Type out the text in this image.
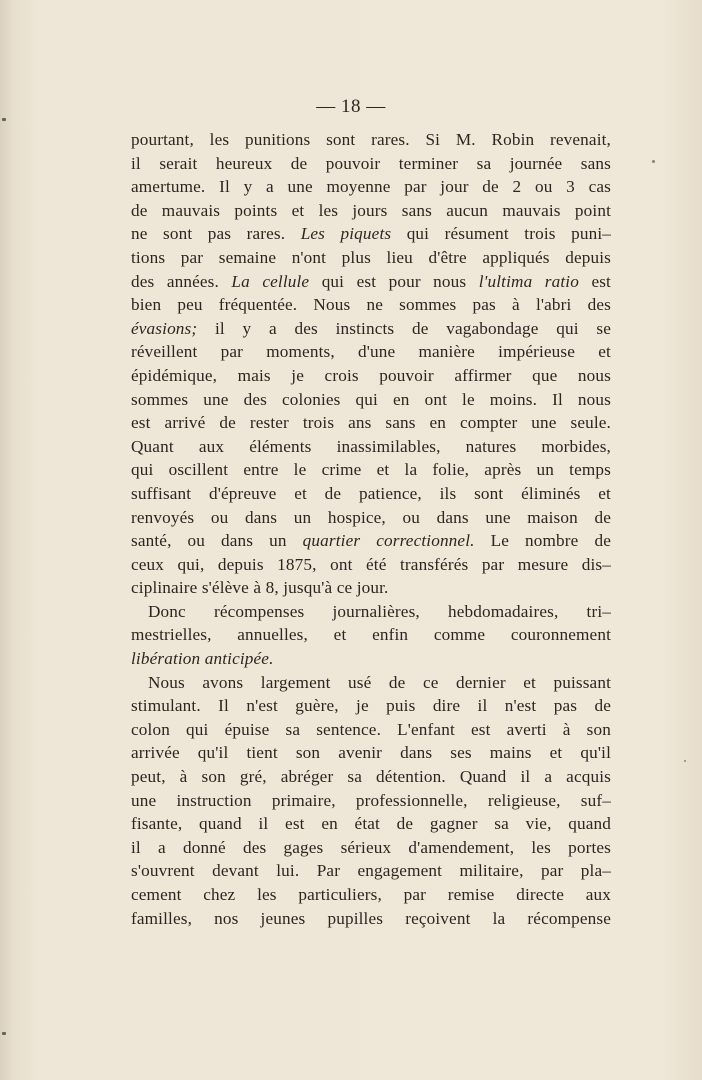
— 18 —
pourtant, les punitions sont rares. Si M. Robin revenait,
il serait heureux de pouvoir terminer sa journée sans
amertume. Il y a une moyenne par jour de 2 ou 3 cas
de mauvais points et les jours sans aucun mauvais point
ne sont pas rares. Les piquets qui résument trois puni–
tions par semaine n'ont plus lieu d'être appliqués depuis
des années. La cellule qui est pour nous l'ultima ratio est
bien peu fréquentée. Nous ne sommes pas à l'abri des
évasions; il y a des instincts de vagabondage qui se
réveillent par moments, d'une manière impérieuse et
épidémique, mais je crois pouvoir affirmer que nous
sommes une des colonies qui en ont le moins. Il nous
est arrivé de rester trois ans sans en compter une seule.
Quant aux éléments inassimilables, natures morbides,
qui oscillent entre le crime et la folie, après un temps
suffisant d'épreuve et de patience, ils sont éliminés et
renvoyés ou dans un hospice, ou dans une maison de
santé, ou dans un quartier correctionnel. Le nombre de
ceux qui, depuis 1875, ont été transférés par mesure dis–
ciplinaire s'élève à 8, jusqu'à ce jour.
Donc récompenses journalières, hebdomadaires, tri–
mestrielles, annuelles, et enfin comme couronnement
libération anticipée.
Nous avons largement usé de ce dernier et puissant
stimulant. Il n'est guère, je puis dire il n'est pas de
colon qui épuise sa sentence. L'enfant est averti à son
arrivée qu'il tient son avenir dans ses mains et qu'il
peut, à son gré, abréger sa détention. Quand il a acquis
une instruction primaire, professionnelle, religieuse, suf–
fisante, quand il est en état de gagner sa vie, quand
il a donné des gages sérieux d'amendement, les portes
s'ouvrent devant lui. Par engagement militaire, par pla–
cement chez les particuliers, par remise directe aux
familles, nos jeunes pupilles reçoivent la récompense
